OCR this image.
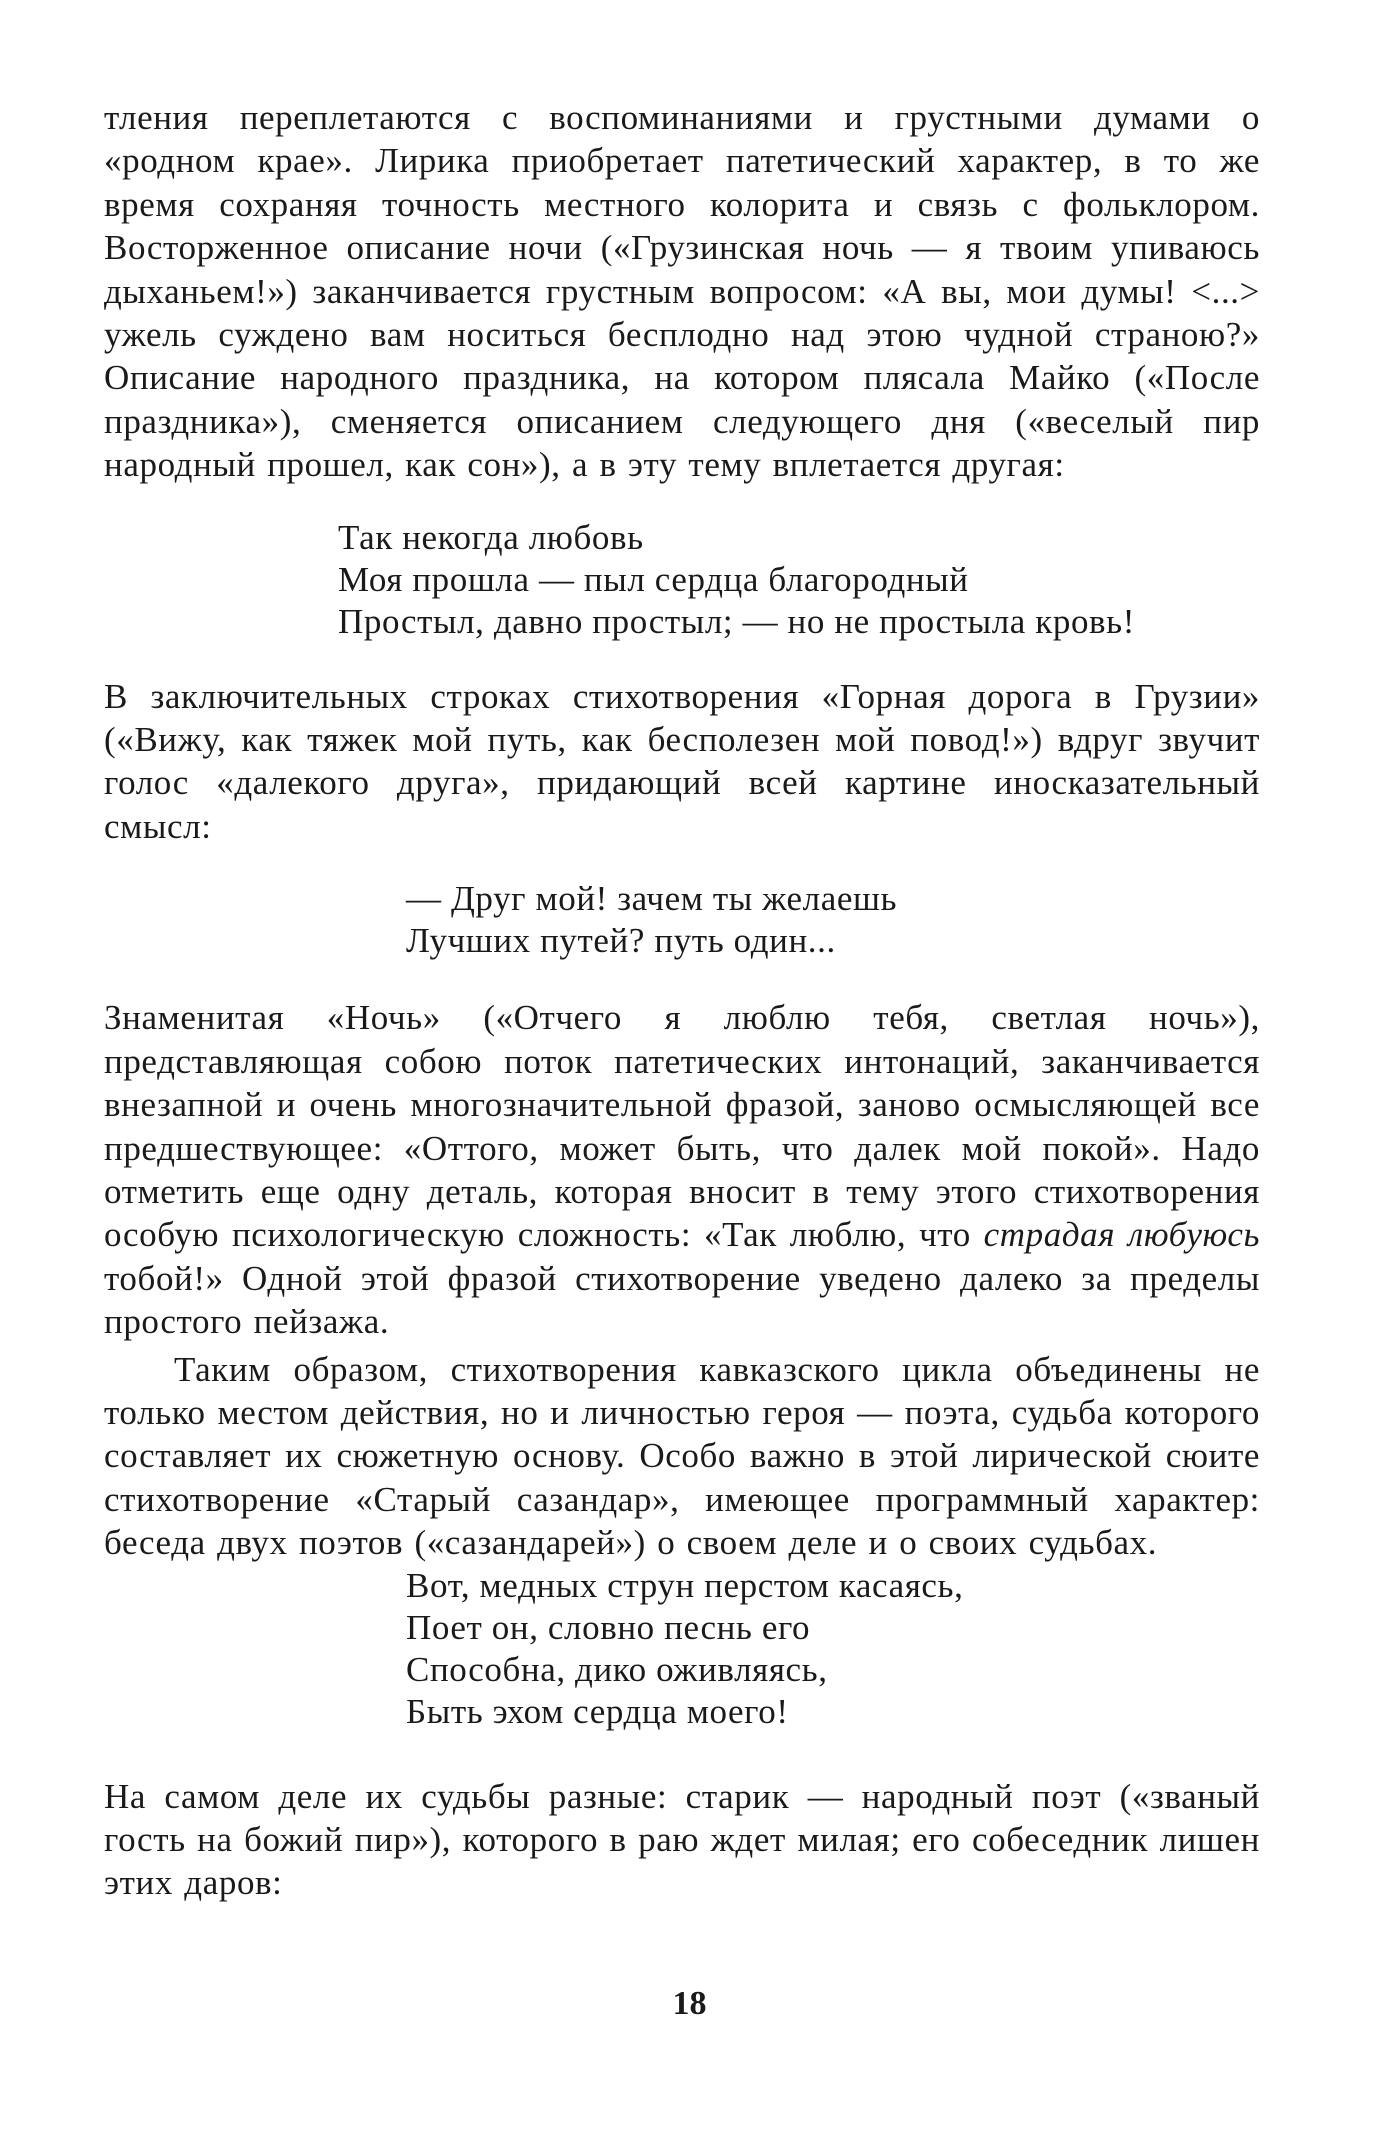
тления переплетаются с воспоминаниями и грустными думами о «родном крае». Лирика приобретает патетический характер, в то же время сохраняя точность местного колорита и связь с фольклором. Восторженное описание ночи («Грузинская ночь — я твоим упиваюсь дыханьем!») заканчивается грустным вопросом: «А вы, мои думы! <...> ужель суждено вам носиться бесплодно над этою чудной страною?» Описание народного праздника, на котором плясала Майко («После праздника»), сменяется описанием следующего дня («веселый пир народный прошел, как сон»), а в эту тему вплетается другая:

Так некогда любовь
Моя прошла — пыл сердца благородный
Простыл, давно простыл; — но не простыла кровь!

В заключительных строках стихотворения «Горная дорога в Грузии» («Вижу, как тяжек мой путь, как бесполезен мой повод!») вдруг звучит голос «далекого друга», придающий всей картине иносказательный смысл:

— Друг мой! зачем ты желаешь
Лучших путей? путь один...

Знаменитая «Ночь» («Отчего я люблю тебя, светлая ночь»), представляющая собою поток патетических интонаций, заканчивается внезапной и очень многозначительной фразой, заново осмысляющей все предшествующее: «Оттого, может быть, что далек мой покой». Надо отметить еще одну деталь, которая вносит в тему этого стихотворения особую психологическую сложность: «Так люблю, что страдая любуюсь тобой!» Одной этой фразой стихотворение уведено далеко за пределы простого пейзажа.

Таким образом, стихотворения кавказского цикла объединены не только местом действия, но и личностью героя — поэта, судьба которого составляет их сюжетную основу. Особо важно в этой лирической сюите стихотворение «Старый сазандар», имеющее программный характер: беседа двух поэтов («сазандарей») о своем деле и о своих судьбах.

Вот, медных струн перстом касаясь,
Поет он, словно песнь его
Способна, дико оживляясь,
Быть эхом сердца моего!

На самом деле их судьбы разные: старик — народный поэт («званый гость на божий пир»), которого в раю ждет милая; его собеседник лишен этих даров:

18
